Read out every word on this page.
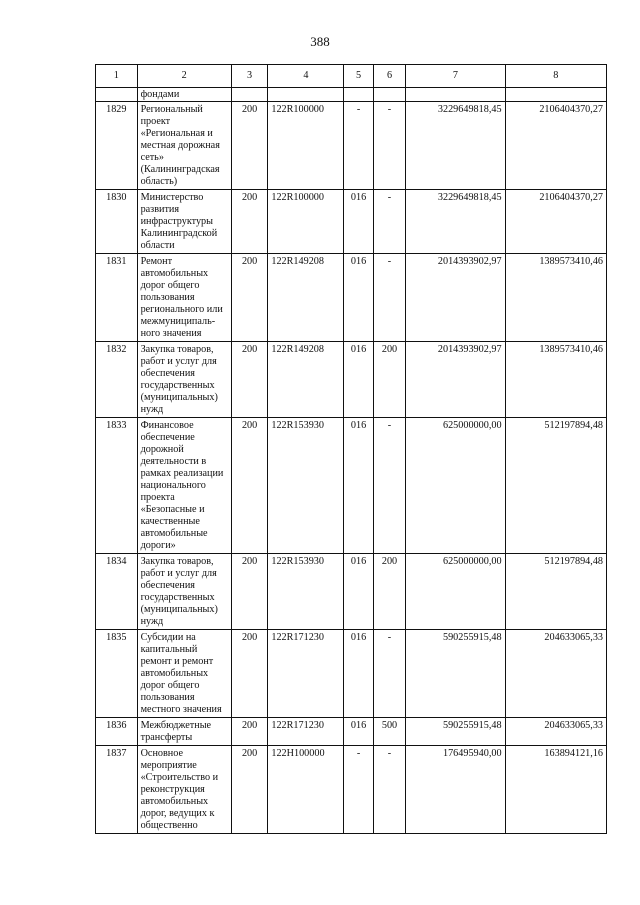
388
1	2	3	4	5	6	7	8
	фондами						
1829	Региональный проект «Региональная и местная дорожная сеть» (Калининградская область)	200	122R100000	-	-	3229649818,45	2106404370,27
1830	Министерство развития инфраструктуры Калининградской области	200	122R100000	016	-	3229649818,45	2106404370,27
1831	Ремонт автомобильных дорог общего пользования регионального или межмуниципаль-ного значения	200	122R149208	016	-	2014393902,97	1389573410,46
1832	Закупка товаров, работ и услуг для обеспечения государственных (муниципальных) нужд	200	122R149208	016	200	2014393902,97	1389573410,46
1833	Финансовое обеспечение дорожной деятельности в рамках реализации национального проекта «Безопасные и качественные автомобильные дороги»	200	122R153930	016	-	625000000,00	512197894,48
1834	Закупка товаров, работ и услуг для обеспечения государственных (муниципальных) нужд	200	122R153930	016	200	625000000,00	512197894,48
1835	Субсидии на капитальный ремонт и ремонт автомобильных дорог общего пользования местного значения	200	122R171230	016	-	590255915,48	204633065,33
1836	Межбюджетные трансферты	200	122R171230	016	500	590255915,48	204633065,33
1837	Основное мероприятие «Строительство и реконструкция автомобильных дорог, ведущих к общественно	200	122H100000	-	-	176495940,00	163894121,16
